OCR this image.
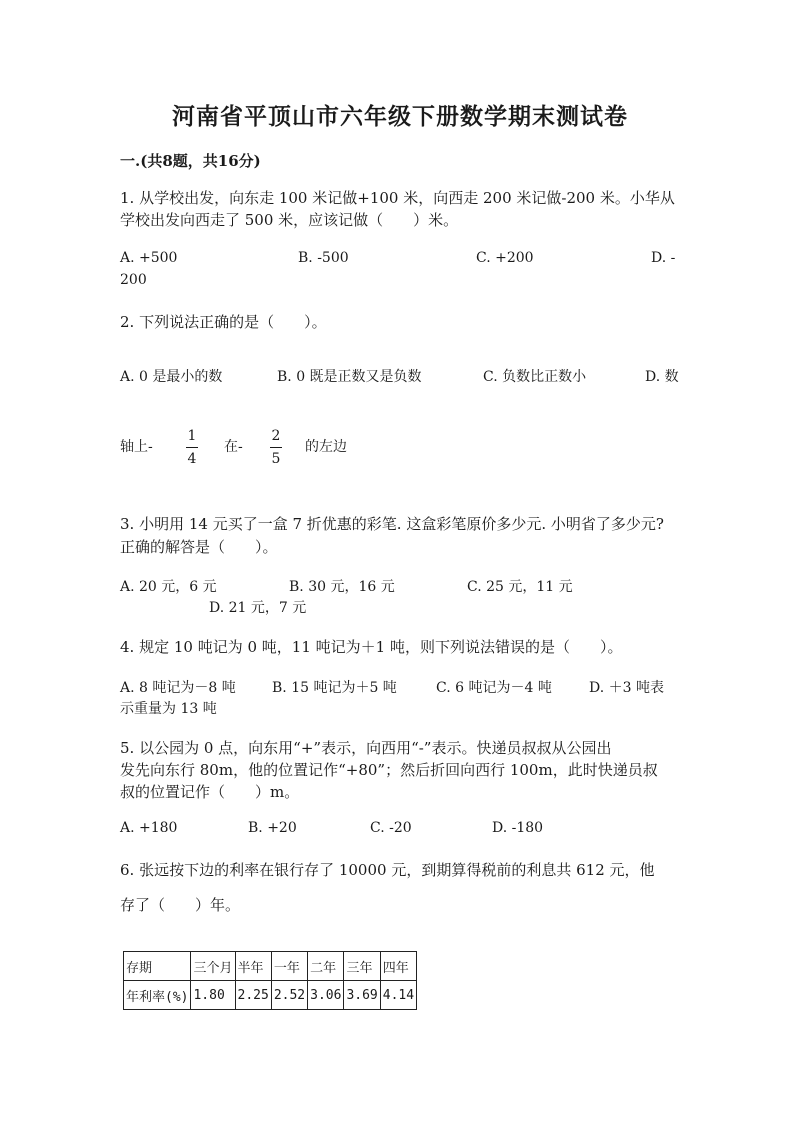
河南省平顶山市六年级下册数学期末测试卷
一.(共8题，共16分)
1. 从学校出发，向东走 100 米记做+100 米，向西走 200 米记做-200 米。小华从
学校出发向西走了 500 米，应该记做（　　）米。
A. +500	B. -500	C. +200	D. -
200
2. 下列说法正确的是（　　）。
A. 0 是最小的数	B. 0 既是正数又是负数	C. 负数比正数小	D. 数
轴上-
1
4
在-
2
5
的左边
3. 小明用 14 元买了一盒 7 折优惠的彩笔. 这盒彩笔原价多少元. 小明省了多少元?
正确的解答是（　　）。
A. 20 元，6 元	B. 30 元，16 元	C. 25 元，11 元
D. 21 元，7 元
4. 规定 10 吨记为 0 吨，11 吨记为＋1 吨，则下列说法错误的是（　　）。
A. 8 吨记为－8 吨	B. 15 吨记为＋5 吨	C. 6 吨记为－4 吨	D. ＋3 吨表
示重量为 13 吨
5. 以公园为 0 点，向东用“+”表示，向西用“-”表示。快递员叔叔从公园出
发先向东行 80m，他的位置记作“+80”；然后折回向西行 100m，此时快递员叔
叔的位置记作（　　）m。
A. +180	B. +20	C. -20	D. -180
6. 张远按下边的利率在银行存了 10000 元，到期算得税前的利息共 612 元，他
存了（　　）年。
存期	三个月	半年	一年	二年	三年	四年
年利率(%)	1.80	2.25	2.52	3.06	3.69	4.14
